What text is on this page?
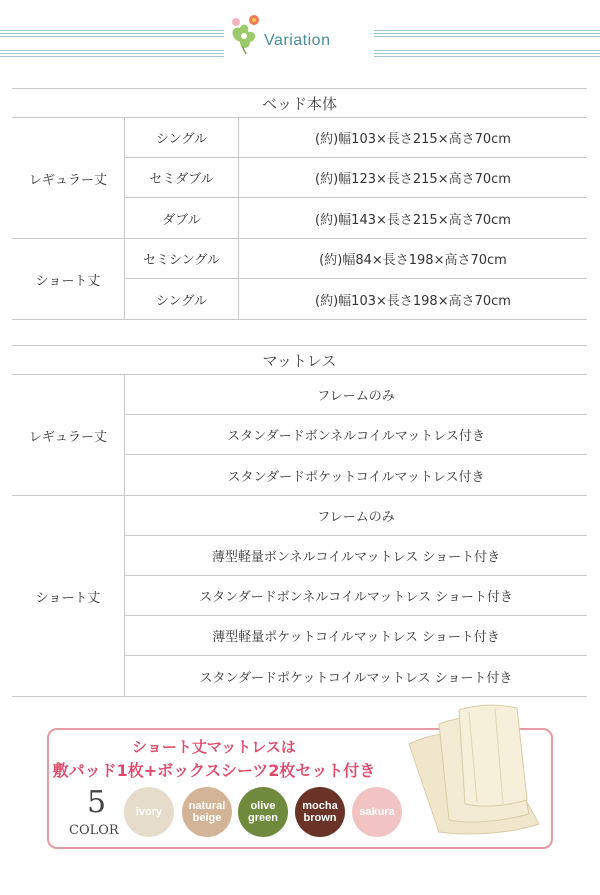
Variation
ベッド本体
レギュラー丈
シングル	(約)幅103×長さ215×高さ70cm
セミダブル	(約)幅123×長さ215×高さ70cm
ダブル	(約)幅143×長さ215×高さ70cm
ショート丈
セミシングル	(約)幅84×長さ198×高さ70cm
シングル	(約)幅103×長さ198×高さ70cm
マットレス
レギュラー丈
フレームのみ
スタンダードボンネルコイルマットレス付き
スタンダードポケットコイルマットレス付き
ショート丈
フレームのみ
薄型軽量ボンネルコイルマットレス ショート付き
スタンダードボンネルコイルマットレス ショート付き
薄型軽量ポケットコイルマットレス ショート付き
スタンダードポケットコイルマットレス ショート付き
ショート丈マットレスは
敷パッド1枚+ボックスシーツ2枚セット付き
5
COLOR
ivory natural
beige
olive
green
mocha
brown sakura
